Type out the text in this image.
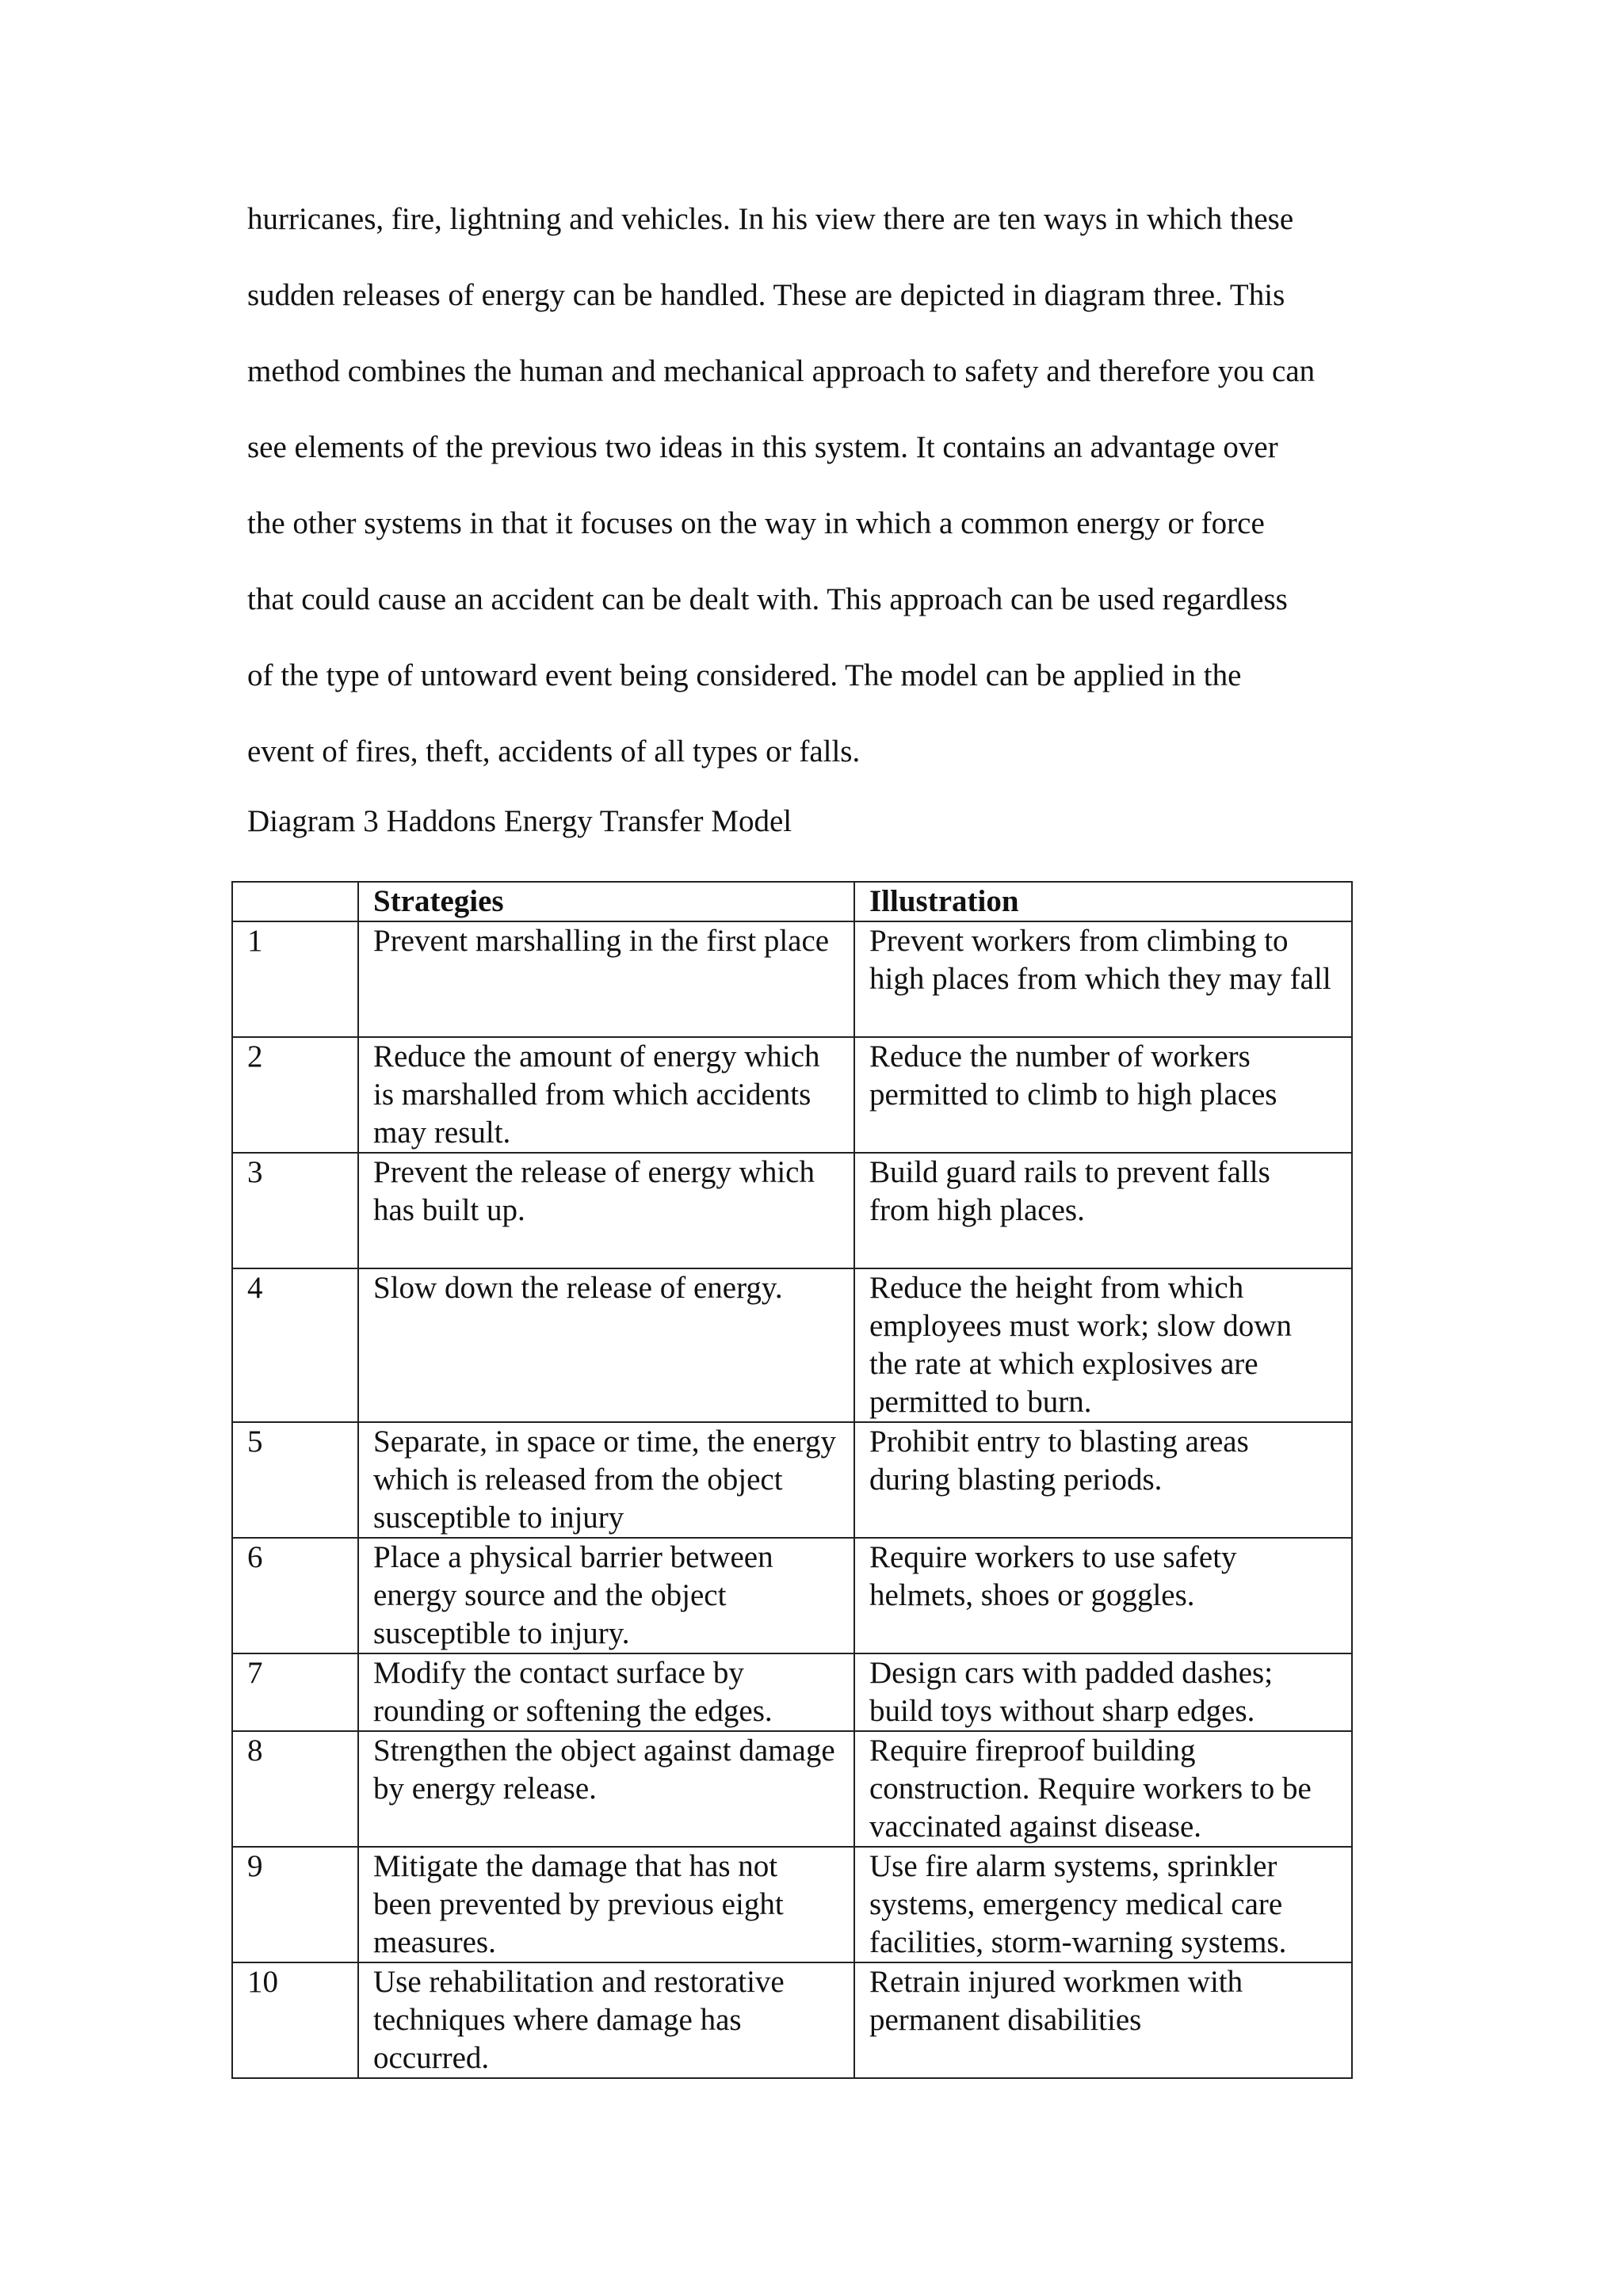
hurricanes, fire, lightning and vehicles. In his view there are ten ways in which these
sudden releases of energy can be handled. These are depicted in diagram three. This
method combines the human and mechanical approach to safety and therefore you can
see elements of the previous two ideas in this system. It contains an advantage over
the other systems in that it focuses on the way in which a common energy or force
that could cause an accident can be dealt with. This approach can be used regardless
of the type of untoward event being considered. The model can be applied in the
event of fires, theft, accidents of all types or falls.
Diagram 3 Haddons Energy Transfer Model
	Strategies	Illustration
1	Prevent marshalling in the first place	Prevent workers from climbing to high places from which they may fall
2	Reduce the amount of energy which is marshalled from which accidents may result.	Reduce the number of workers permitted to climb to high places
3	Prevent the release of energy which has built up.	Build guard rails to prevent falls from high places.
4	Slow down the release of energy.	Reduce the height from which employees must work; slow down the rate at which explosives are permitted to burn.
5	Separate, in space or time, the energy which is released from the object susceptible to injury	Prohibit entry to blasting areas during blasting periods.
6	Place a physical barrier between energy source and the object susceptible to injury.	Require workers to use safety helmets, shoes or goggles.
7	Modify the contact surface by rounding or softening the edges.	Design cars with padded dashes; build toys without sharp edges.
8	Strengthen the object against damage by energy release.	Require fireproof building construction. Require workers to be vaccinated against disease.
9	Mitigate the damage that has not been prevented by previous eight measures.	Use fire alarm systems, sprinkler systems, emergency medical care facilities, storm-warning systems.
10	Use rehabilitation and restorative techniques where damage has occurred.	Retrain injured workmen with permanent disabilities
